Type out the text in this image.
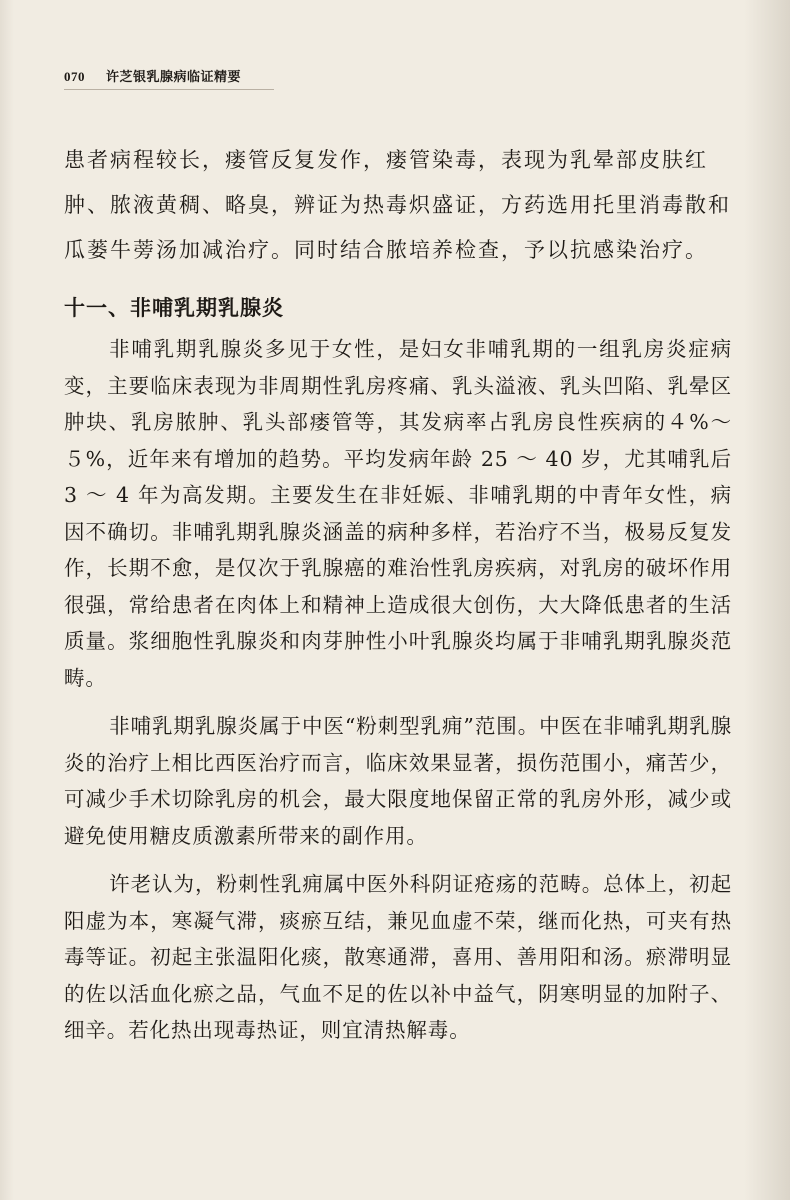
070 许芝银乳腺病临证精要
患者病程较长，瘘管反复发作，瘘管染毒，表现为乳晕部皮肤红肿、脓液黄稠、略臭，辨证为热毒炽盛证，方药选用托里消毒散和瓜蒌牛蒡汤加减治疗。同时结合脓培养检查，予以抗感染治疗。
十一、非哺乳期乳腺炎

非哺乳期乳腺炎多见于女性，是妇女非哺乳期的一组乳房炎症病变，主要临床表现为非周期性乳房疼痛、乳头溢液、乳头凹陷、乳晕区肿块、乳房脓肿、乳头部瘘管等，其发病率占乳房良性疾病的４%～５%，近年来有增加的趋势。平均发病年龄 25 ～ 40 岁，尤其哺乳后 3 ～ 4 年为高发期。主要发生在非妊娠、非哺乳期的中青年女性，病因不确切。非哺乳期乳腺炎涵盖的病种多样，若治疗不当，极易反复发作，长期不愈，是仅次于乳腺癌的难治性乳房疾病，对乳房的破坏作用很强，常给患者在肉体上和精神上造成很大创伤，大大降低患者的生活质量。浆细胞性乳腺炎和肉芽肿性小叶乳腺炎均属于非哺乳期乳腺炎范畴。

非哺乳期乳腺炎属于中医“粉刺型乳痈”范围。中医在非哺乳期乳腺炎的治疗上相比西医治疗而言，临床效果显著，损伤范围小，痛苦少，可减少手术切除乳房的机会，最大限度地保留正常的乳房外形，减少或避免使用糖皮质激素所带来的副作用。

许老认为，粉刺性乳痈属中医外科阴证疮疡的范畴。总体上，初起阳虚为本，寒凝气滞，痰瘀互结，兼见血虚不荣，继而化热，可夹有热毒等证。初起主张温阳化痰，散寒通滞，喜用、善用阳和汤。瘀滞明显的佐以活血化瘀之品，气血不足的佐以补中益气，阴寒明显的加附子、细辛。若化热出现毒热证，则宜清热解毒。
